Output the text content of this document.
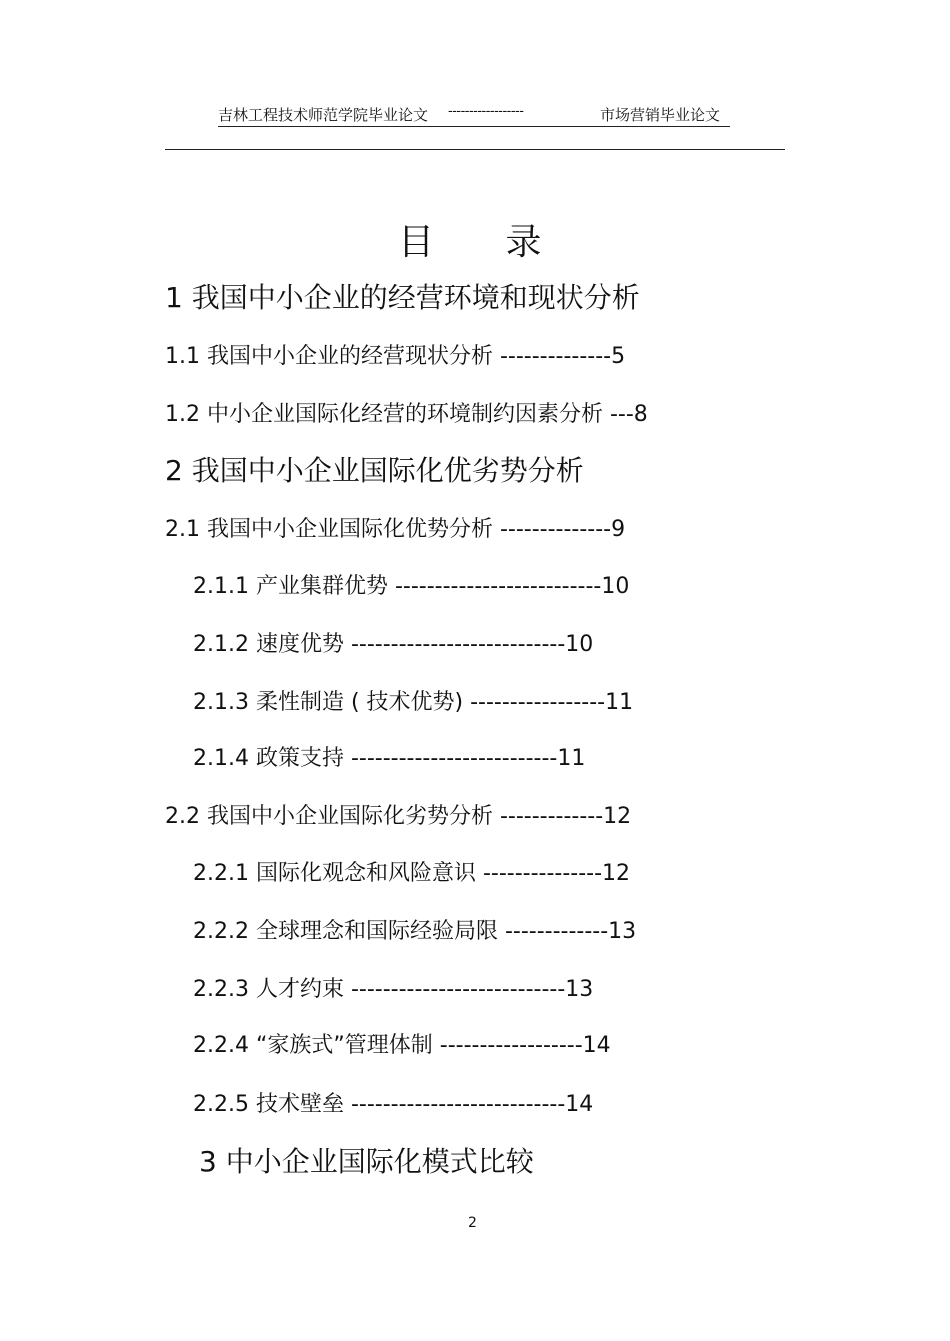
吉林工程技术师范学院毕业论文 ------------------	市场营销毕业论文
目 录
1 我国中小企业的经营环境和现状分析
1.1 我国中小企业的经营现状分析 --------------5
1.2 中小企业国际化经营的环境制约因素分析 ---8
2 我国中小企业国际化优劣势分析
2.1 我国中小企业国际化优势分析 --------------9
2.1.1 产业集群优势 --------------------------10
2.1.2 速度优势 ---------------------------10
2.1.3 柔性制造 ( 技术优势) -----------------11
2.1.4 政策支持 --------------------------11
2.2 我国中小企业国际化劣势分析 -------------12
2.2.1 国际化观念和风险意识 ---------------12
2.2.2 全球理念和国际经验局限 -------------13
2.2.3 人才约束 ---------------------------13
2.2.4 “家族式”管理体制 ------------------14
2.2.5 技术壁垒 ---------------------------14
3 中小企业国际化模式比较
2
